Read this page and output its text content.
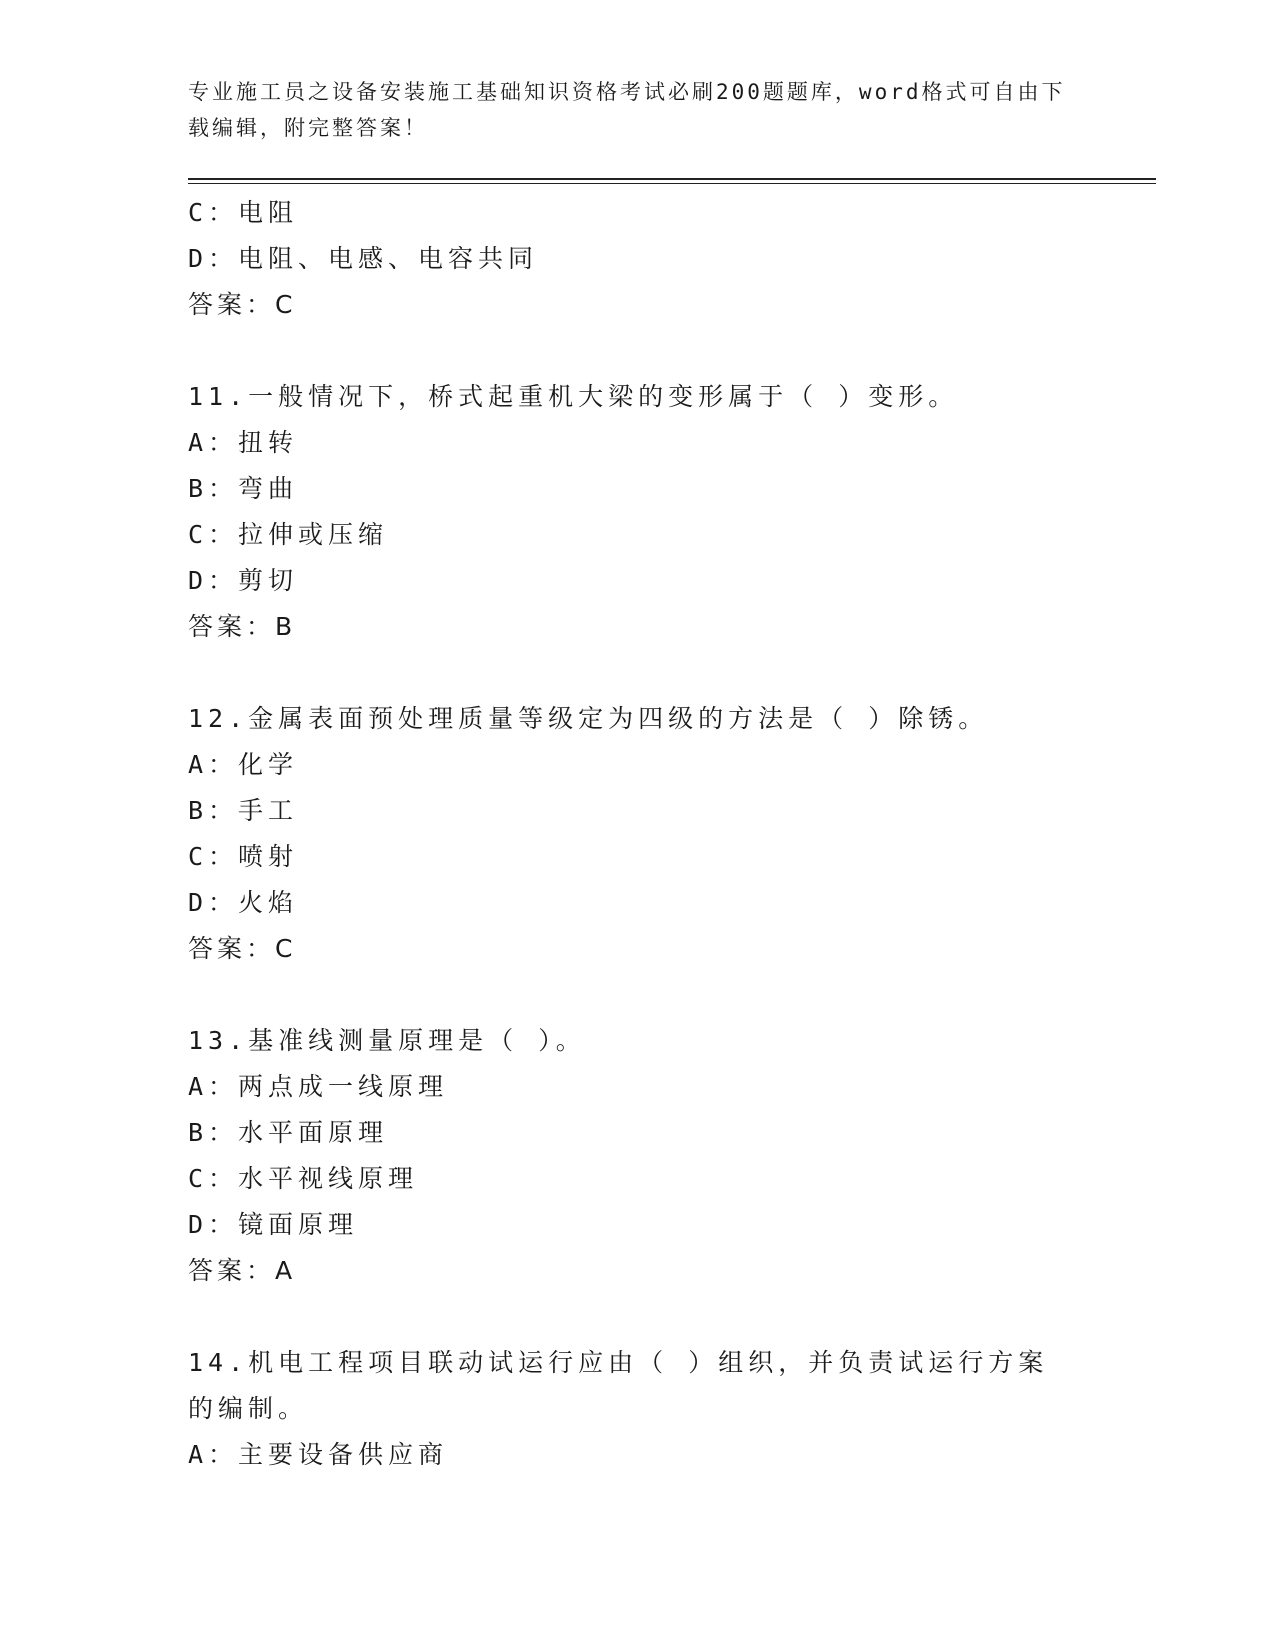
专业施工员之设备安装施工基础知识资格考试必刷200题题库，word格式可自由下载编辑，附完整答案！
C：电阻
D：电阻、电感、电容共同
答案：C
11.一般情况下，桥式起重机大梁的变形属于（ ）变形。
A：扭转
B：弯曲
C：拉伸或压缩
D：剪切
答案：B
12.金属表面预处理质量等级定为四级的方法是（ ）除锈。
A：化学
B：手工
C：喷射
D：火焰
答案：C
13.基准线测量原理是（ ）。
A：两点成一线原理
B：水平面原理
C：水平视线原理
D：镜面原理
答案：A
14.机电工程项目联动试运行应由（ ）组织，并负责试运行方案的编制。
A：主要设备供应商
